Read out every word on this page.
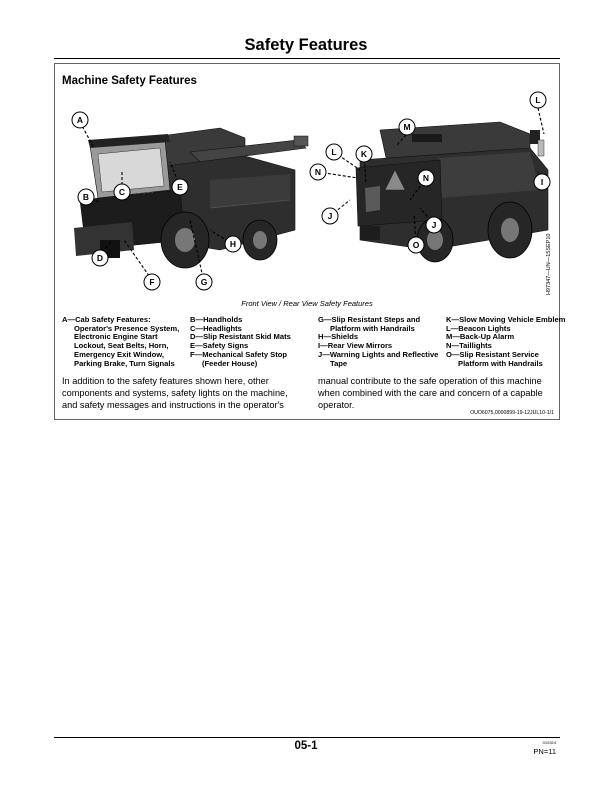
Safety Features
Machine Safety Features
A
B	C
D
E
F	G
H
I
J
J
K
L
L
M
N
N
O	H97347—UN—15SEP10
Front View / Rear View Safety Features
A—Cab Safety Features:
Operator's Presence System,
Electronic Engine Start
Lockout, Seat Belts, Horn,
Emergency Exit Window,
Parking Brake, Turn Signals
B—Handholds
C—Headlights
D—Slip Resistant Skid Mats
E—Safety Signs
F—Mechanical Safety Stop
(Feeder House)
G—Slip Resistant Steps and
Platform with Handrails
H—Shields
I—Rear View Mirrors
J—Warning Lights and Reflective
Tape
K—Slow Moving Vehicle Emblem
L—Beacon Lights
M—Back-Up Alarm
N—Taillights
O—Slip Resistant Service
Platform with Handrails

In addition to the safety features shown here, other components and systems, safety lights on the machine, and safety messages and instructions in the operator's

manual contribute to the safe operation of this machine when combined with the care and concern of a capable operator.

OUO6075,0000899-19-12JUL10-1/1
05-1	010324
PN=11
